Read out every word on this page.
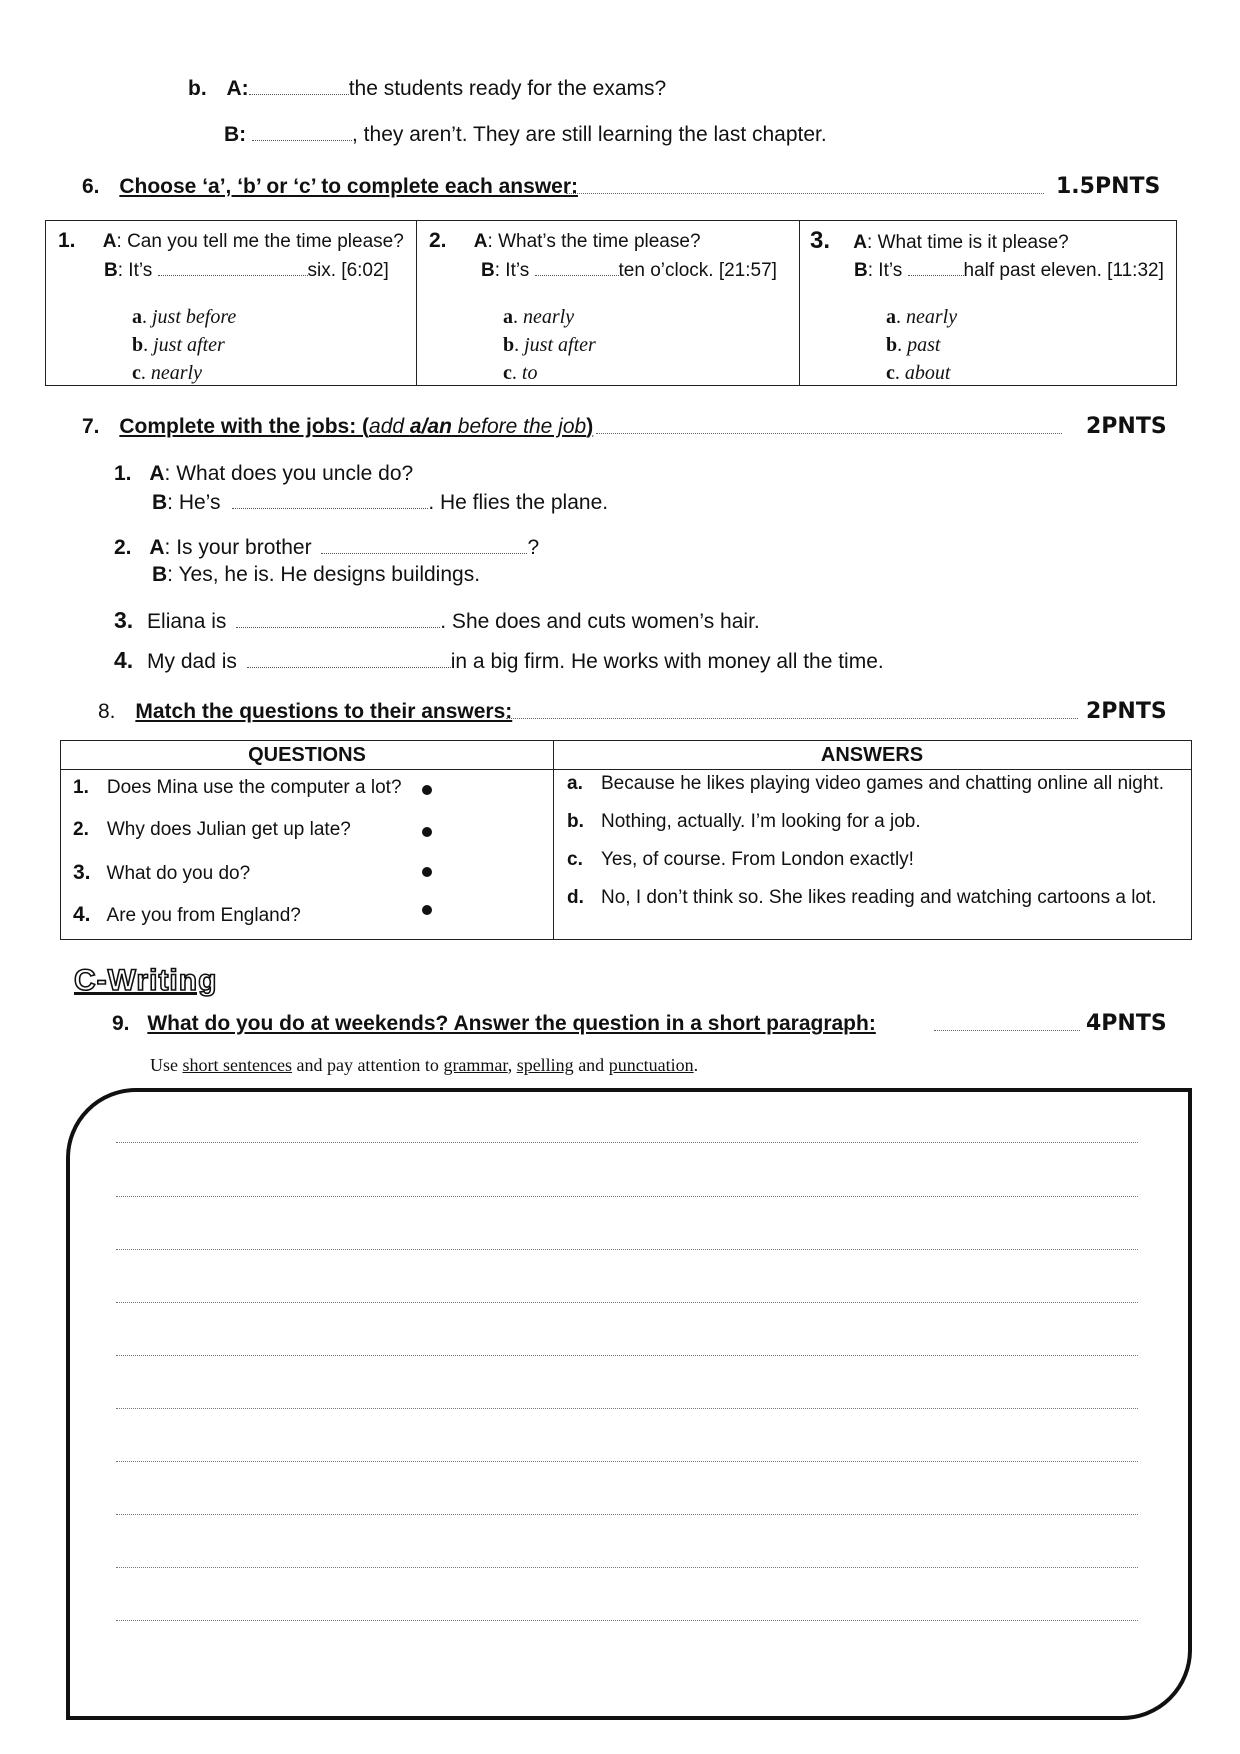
b. A:	the students ready for the exams?
B:	, they aren’t. They are still learning the last chapter.
6. Choose ‘a’, ‘b’ or ‘c’ to complete each answer:	1.5PNTS
1. A: Can you tell me the time please?
B: It’s	six. [6:02]
a. just before
b. just after
c. nearly

2. A: What’s the time please?
B: It’s	ten o’clock. [21:57]
a. nearly
b. just after
c. to

3. A: What time is it please?
B: It’s	half past eleven. [11:32]
a. nearly
b. past
c. about
7. Complete with the jobs: (add a/an before the job)	2PNTS
1. A: What does you uncle do?
B: He’s	. He flies the plane.
2. A: Is your brother	?
B: Yes, he is. He designs buildings.
3. Eliana is	. She does and cuts women’s hair.
4. My dad is	in a big firm. He works with money all the time.
8. Match the questions to their answers:	2PNTS
QUESTIONS	ANSWERS
1. Does Mina use the computer a lot?
2. Why does Julian get up late?
3. What do you do?
4. Are you from England?
a. Because he likes playing video games and chatting online all night.
b. Nothing, actually. I’m looking for a job.
c. Yes, of course. From London exactly!
d. No, I don’t think so. She likes reading and watching cartoons a lot.
C-Writing
9. What do you do at weekends? Answer the question in a short paragraph:	4PNTS
Use short sentences and pay attention to grammar, spelling and punctuation.
